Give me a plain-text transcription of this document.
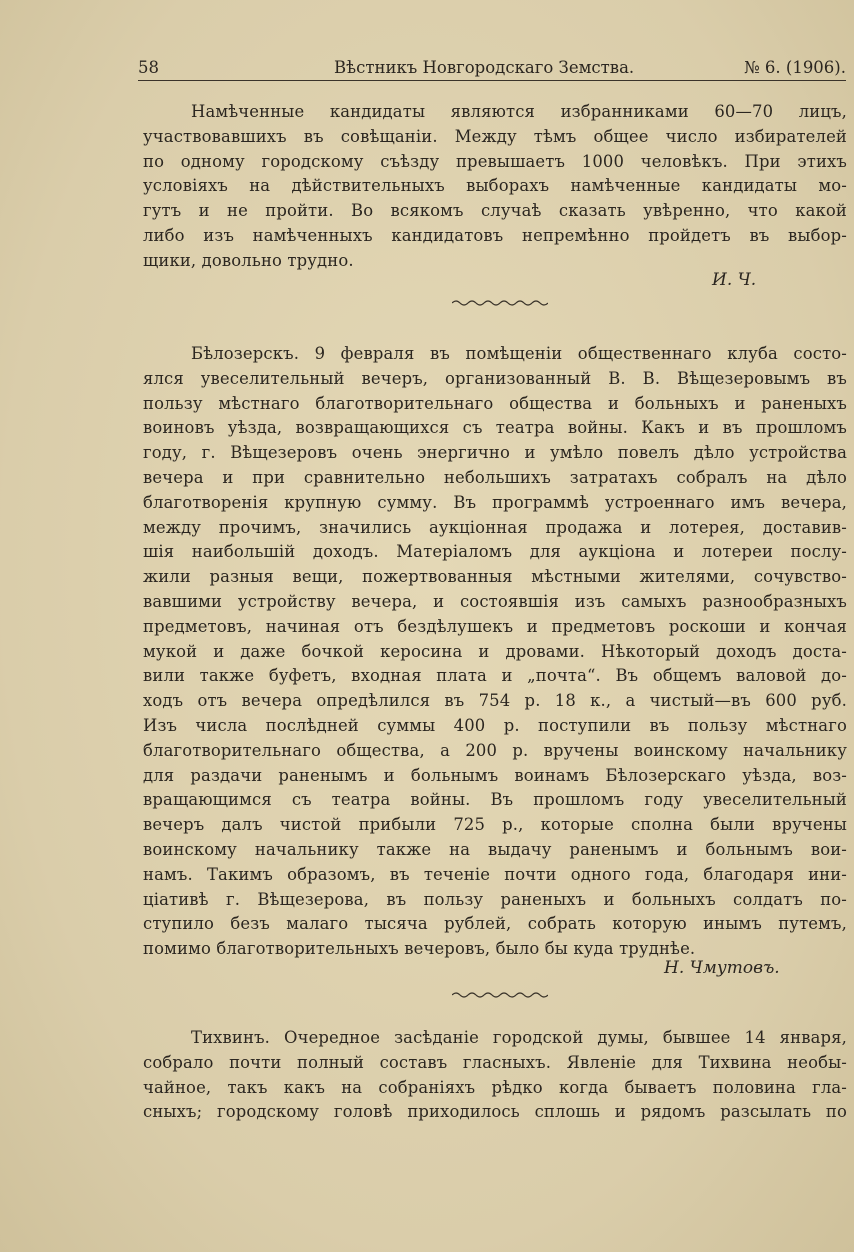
58	Вѣстникъ Новгородскаго Земства.	№ 6. (1906).
Намѣченные кандидаты являются избранниками 60—70 лицъ,
участвовавшихъ въ совѣщаніи. Между тѣмъ общее число избирателей
по одному городскому съѣзду превышаетъ 1000 человѣкъ. При этихъ
условіяхъ на дѣйствительныхъ выборахъ намѣченные кандидаты мо-
гутъ и не пройти. Во всякомъ случаѣ сказать увѣренно, что какой
либо изъ намѣченныхъ кандидатовъ непремѣнно пройдетъ въ выбор-
щики, довольно трудно.
И. Ч.
Бѣлозерскъ. 9 февраля въ помѣщеніи общественнаго клуба состо-
ялся увеселительный вечеръ, организованный В. В. Вѣщезеровымъ въ
пользу мѣстнаго благотворительнаго общества и больныхъ и раненыхъ
воиновъ уѣзда, возвращающихся съ театра войны. Какъ и въ прошломъ
году, г. Вѣщезеровъ очень энергично и умѣло повелъ дѣло устройства
вечера и при сравнительно небольшихъ затратахъ собралъ на дѣло
благотворенія крупную сумму. Въ программѣ устроеннаго имъ вечера,
между прочимъ, значились аукціонная продажа и лотерея, доставив-
шія наибольшій доходъ. Матеріаломъ для аукціона и лотереи послу-
жили разныя вещи, пожертвованныя мѣстными жителями, сочувство-
вавшими устройству вечера, и состоявшія изъ самыхъ разнообразныхъ
предметовъ, начиная отъ бездѣлушекъ и предметовъ роскоши и кончая
мукой и даже бочкой керосина и дровами. Нѣкоторый доходъ доста-
вили также буфетъ, входная плата и „почта“. Въ общемъ валовой до-
ходъ отъ вечера опредѣлился въ 754 р. 18 к., а чистый—въ 600 руб.
Изъ числа послѣдней суммы 400 р. поступили въ пользу мѣстнаго
благотворительнаго общества, а 200 р. вручены воинскому начальнику
для раздачи раненымъ и больнымъ воинамъ Бѣлозерскаго уѣзда, воз-
вращающимся съ театра войны. Въ прошломъ году увеселительный
вечеръ далъ чистой прибыли 725 р., которые сполна были вручены
воинскому начальнику также на выдачу раненымъ и больнымъ вои-
намъ. Такимъ образомъ, въ теченіе почти одного года, благодаря ини-
ціативѣ г. Вѣщезерова, въ пользу раненыхъ и больныхъ солдатъ по-
ступило безъ малаго тысяча рублей, собрать которую инымъ путемъ,
помимо благотворительныхъ вечеровъ, было бы куда труднѣе.
Н. Чмутовъ.
Тихвинъ. Очередное засѣданіе городской думы, бывшее 14 января,
собрало почти полный составъ гласныхъ. Явленіе для Тихвина необы-
чайное, такъ какъ на собраніяхъ рѣдко когда бываетъ половина гла-
сныхъ; городскому головѣ приходилось сплошь и рядомъ разсылать по
